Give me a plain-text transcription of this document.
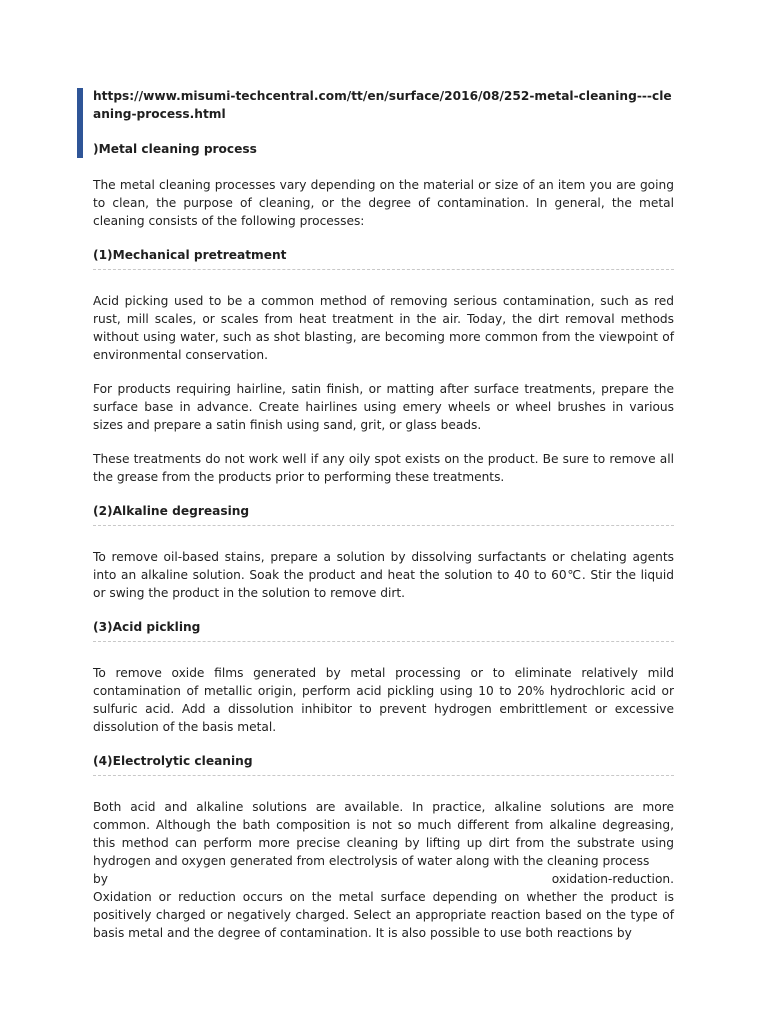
https://www.misumi-techcentral.com/tt/en/surface/2016/08/252-metal-cleaning---cleaning-process.html
)Metal cleaning process

The metal cleaning processes vary depending on the material or size of an item you are going to clean, the purpose of cleaning, or the degree of contamination. In general, the metal cleaning consists of the following processes:

(1)Mechanical pretreatment

Acid picking used to be a common method of removing serious contamination, such as red rust, mill scales, or scales from heat treatment in the air. Today, the dirt removal methods without using water, such as shot blasting, are becoming more common from the viewpoint of environmental conservation.

For products requiring hairline, satin finish, or matting after surface treatments, prepare the surface base in advance. Create hairlines using emery wheels or wheel brushes in various sizes and prepare a satin finish using sand, grit, or glass beads.

These treatments do not work well if any oily spot exists on the product. Be sure to remove all the grease from the products prior to performing these treatments.

(2)Alkaline degreasing

To remove oil-based stains, prepare a solution by dissolving surfactants or chelating agents into an alkaline solution. Soak the product and heat the solution to 40 to 60℃. Stir the liquid or swing the product in the solution to remove dirt.

(3)Acid pickling

To remove oxide films generated by metal processing or to eliminate relatively mild contamination of metallic origin, perform acid pickling using 10 to 20% hydrochloric acid or sulfuric acid. Add a dissolution inhibitor to prevent hydrogen embrittlement or excessive dissolution of the basis metal.

(4)Electrolytic cleaning

Both acid and alkaline solutions are available. In practice, alkaline solutions are more common. Although the bath composition is not so much different from alkaline degreasing, this method can perform more precise cleaning by lifting up dirt from the substrate using hydrogen and oxygen generated from electrolysis of water along with the cleaning process

by	oxidation-reduction.

Oxidation or reduction occurs on the metal surface depending on whether the product is positively charged or negatively charged. Select an appropriate reaction based on the type of basis metal and the degree of contamination. It is also possible to use both reactions by
